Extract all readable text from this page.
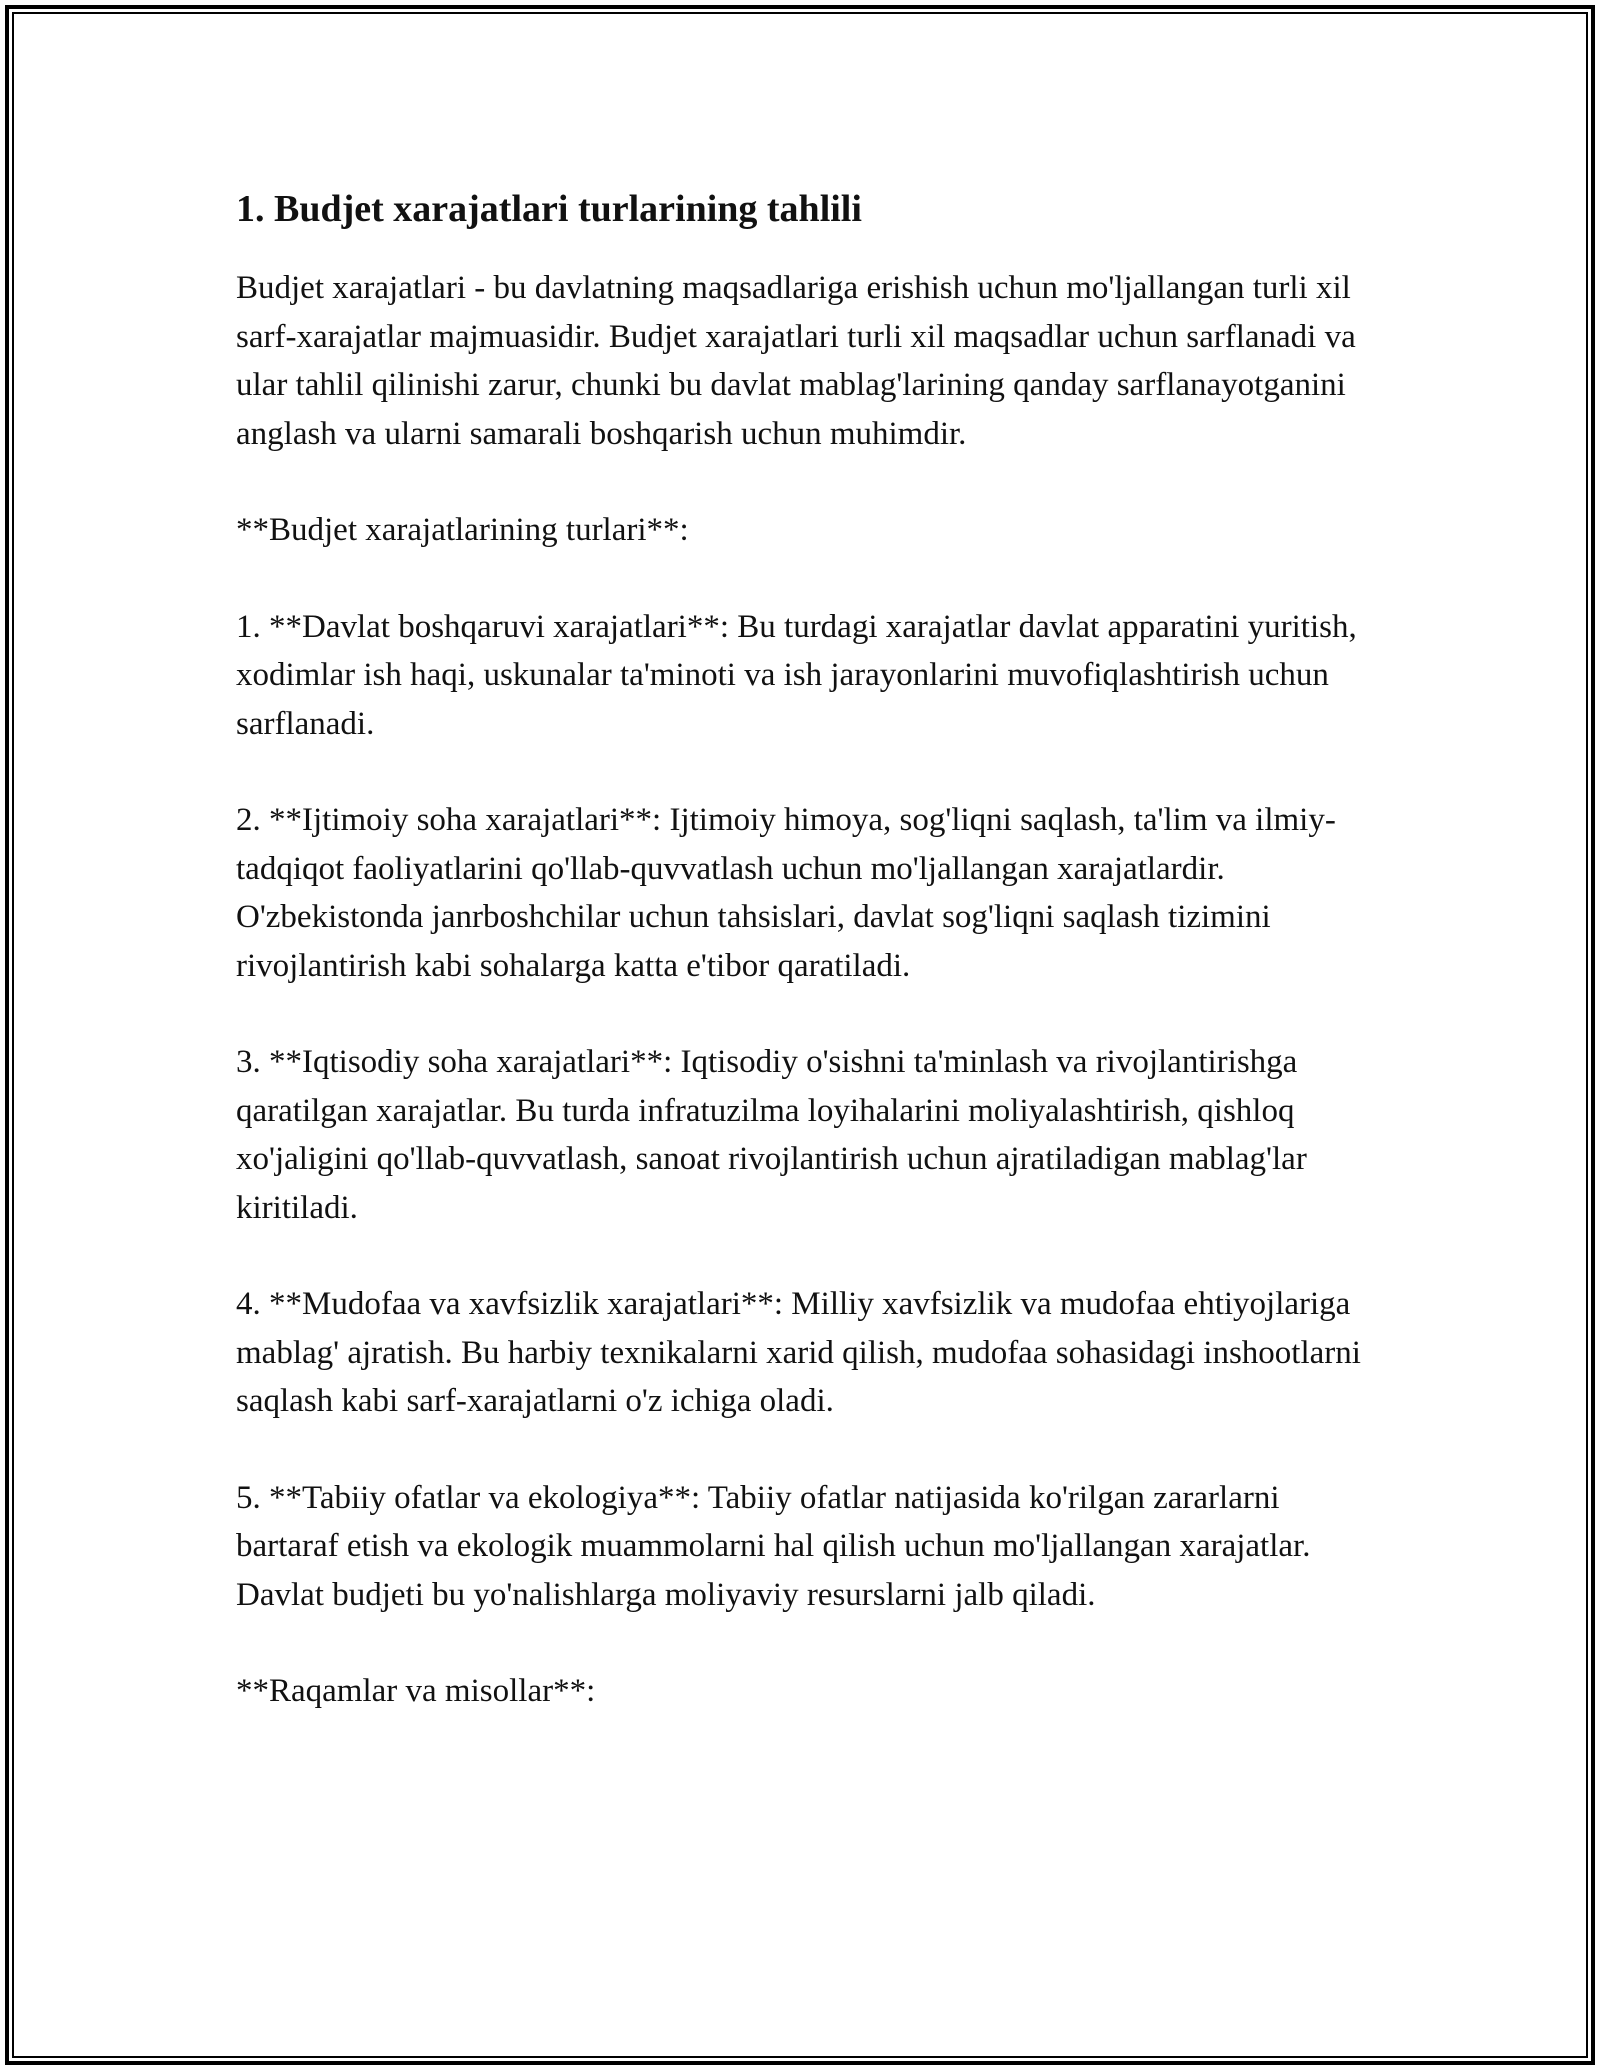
1. Budjet xarajatlari turlarining tahlili

Budjet xarajatlari - bu davlatning maqsadlariga erishish uchun mo'ljallangan turli xil sarf-xarajatlar majmuasidir. Budjet xarajatlari turli xil maqsadlar uchun sarflanadi va ular tahlil qilinishi zarur, chunki bu davlat mablag'larining qanday sarflanayotganini anglash va ularni samarali boshqarish uchun muhimdir.

**Budjet xarajatlarining turlari**:

1. **Davlat boshqaruvi xarajatlari**: Bu turdagi xarajatlar davlat apparatini yuritish, xodimlar ish haqi, uskunalar ta'minoti va ish jarayonlarini muvofiqlashtirish uchun sarflanadi.

2. **Ijtimoiy soha xarajatlari**: Ijtimoiy himoya, sog'liqni saqlash, ta'lim va ilmiy-tadqiqot faoliyatlarini qo'llab-quvvatlash uchun mo'ljallangan xarajatlardir. O'zbekistonda janrboshchilar uchun tahsislari, davlat sog'liqni saqlash tizimini rivojlantirish kabi sohalarga katta e'tibor qaratiladi.

3. **Iqtisodiy soha xarajatlari**: Iqtisodiy o'sishni ta'minlash va rivojlantirishga qaratilgan xarajatlar. Bu turda infratuzilma loyihalarini moliyalashtirish, qishloq xo'jaligini qo'llab-quvvatlash, sanoat rivojlantirish uchun ajratiladigan mablag'lar kiritiladi.

4. **Mudofaa va xavfsizlik xarajatlari**: Milliy xavfsizlik va mudofaa ehtiyojlariga mablag' ajratish. Bu harbiy texnikalarni xarid qilish, mudofaa sohasidagi inshootlarni saqlash kabi sarf-xarajatlarni o'z ichiga oladi.

5. **Tabiiy ofatlar va ekologiya**: Tabiiy ofatlar natijasida ko'rilgan zararlarni bartaraf etish va ekologik muammolarni hal qilish uchun mo'ljallangan xarajatlar. Davlat budjeti bu yo'nalishlarga moliyaviy resurslarni jalb qiladi.

**Raqamlar va misollar**:
